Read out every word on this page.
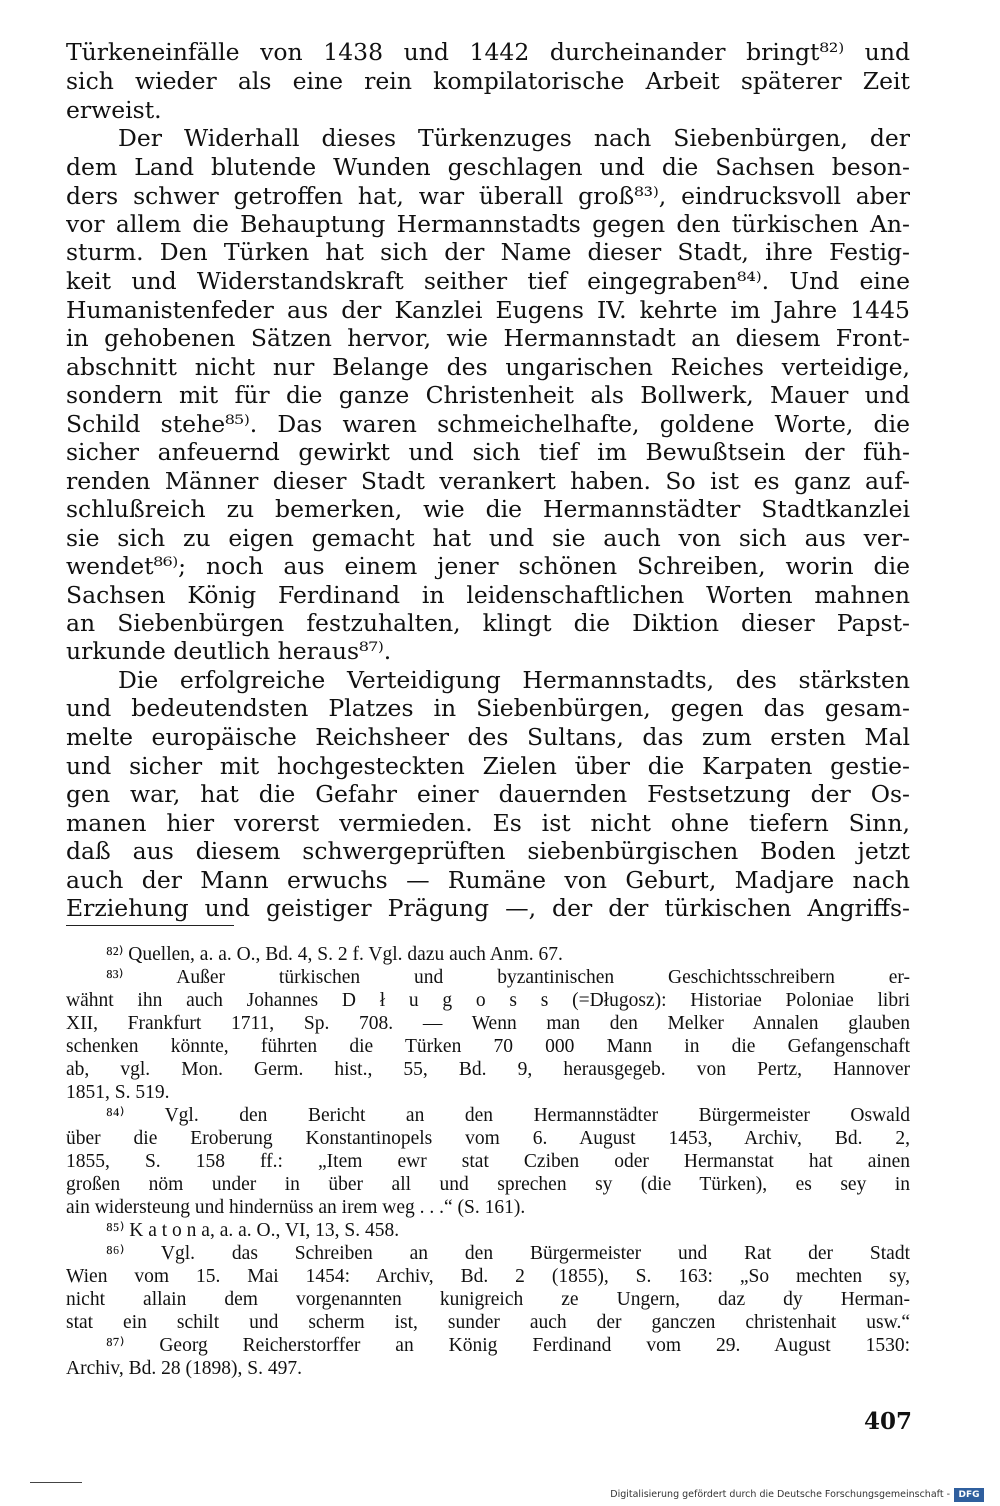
Türkeneinfälle von 1438 und 1442 durcheinander bringt⁸²⁾ und
sich wieder als eine rein kompilatorische Arbeit späterer Zeit
erweist.
Der Widerhall dieses Türkenzuges nach Siebenbürgen, der
dem Land blutende Wunden geschlagen und die Sachsen beson-
ders schwer getroffen hat, war überall groß⁸³⁾, eindrucksvoll aber
vor allem die Behauptung Hermannstadts gegen den türkischen An-
sturm. Den Türken hat sich der Name dieser Stadt, ihre Festig-
keit und Widerstandskraft seither tief eingegraben⁸⁴⁾. Und eine
Humanistenfeder aus der Kanzlei Eugens IV. kehrte im Jahre 1445
in gehobenen Sätzen hervor, wie Hermannstadt an diesem Front-
abschnitt nicht nur Belange des ungarischen Reiches verteidige,
sondern mit für die ganze Christenheit als Bollwerk, Mauer und
Schild stehe⁸⁵⁾. Das waren schmeichelhafte, goldene Worte, die
sicher anfeuernd gewirkt und sich tief im Bewußtsein der füh-
renden Männer dieser Stadt verankert haben. So ist es ganz auf-
schlußreich zu bemerken, wie die Hermannstädter Stadtkanzlei
sie sich zu eigen gemacht hat und sie auch von sich aus ver-
wendet⁸⁶⁾; noch aus einem jener schönen Schreiben, worin die
Sachsen König Ferdinand in leidenschaftlichen Worten mahnen
an Siebenbürgen festzuhalten, klingt die Diktion dieser Papst-
urkunde deutlich heraus⁸⁷⁾.
Die erfolgreiche Verteidigung Hermannstadts, des stärksten
und bedeutendsten Platzes in Siebenbürgen, gegen das gesam-
melte europäische Reichsheer des Sultans, das zum ersten Mal
und sicher mit hochgesteckten Zielen über die Karpaten gestie-
gen war, hat die Gefahr einer dauernden Festsetzung der Os-
manen hier vorerst vermieden. Es ist nicht ohne tiefern Sinn,
daß aus diesem schwergeprüften siebenbürgischen Boden jetzt
auch der Mann erwuchs — Rumäne von Geburt, Madjare nach
Erziehung und geistiger Prägung —, der der türkischen Angriffs-
⁸²⁾ Quellen, a. a. O., Bd. 4, S. 2 f. Vgl. dazu auch Anm. 67.
⁸³⁾ Außer türkischen und byzantinischen Geschichtsschreibern er-
wähnt ihn auch Johannes D ł u g o s s (=Długosz): Historiae Poloniae libri
XII, Frankfurt 1711, Sp. 708. — Wenn man den Melker Annalen glauben
schenken könnte, führten die Türken 70 000 Mann in die Gefangenschaft
ab, vgl. Mon. Germ. hist., 55, Bd. 9, herausgegeb. von Pertz, Hannover
1851, S. 519.
⁸⁴⁾ Vgl. den Bericht an den Hermannstädter Bürgermeister Oswald
über die Eroberung Konstantinopels vom 6. August 1453, Archiv, Bd. 2,
1855, S. 158 ff.: „Item ewr stat Cziben oder Hermanstat hat ainen
großen nöm under in über all und sprechen sy (die Türken), es sey in
ain widersteung und hindernüss an irem weg . . .“ (S. 161).
⁸⁵⁾ K a t o n a, a. a. O., VI, 13, S. 458.
⁸⁶⁾ Vgl. das Schreiben an den Bürgermeister und Rat der Stadt
Wien vom 15. Mai 1454: Archiv, Bd. 2 (1855), S. 163: „So mechten sy,
nicht allain dem vorgenannten kunigreich ze Ungern, daz dy Herman-
stat ein schilt und scherm ist, sunder auch der ganczen christenhait usw.“
⁸⁷⁾ Georg Reicherstorffer an König Ferdinand vom 29. August 1530:
Archiv, Bd. 28 (1898), S. 497.
407
Digitalisierung gefördert durch die Deutsche Forschungsgemeinschaft - DFG
